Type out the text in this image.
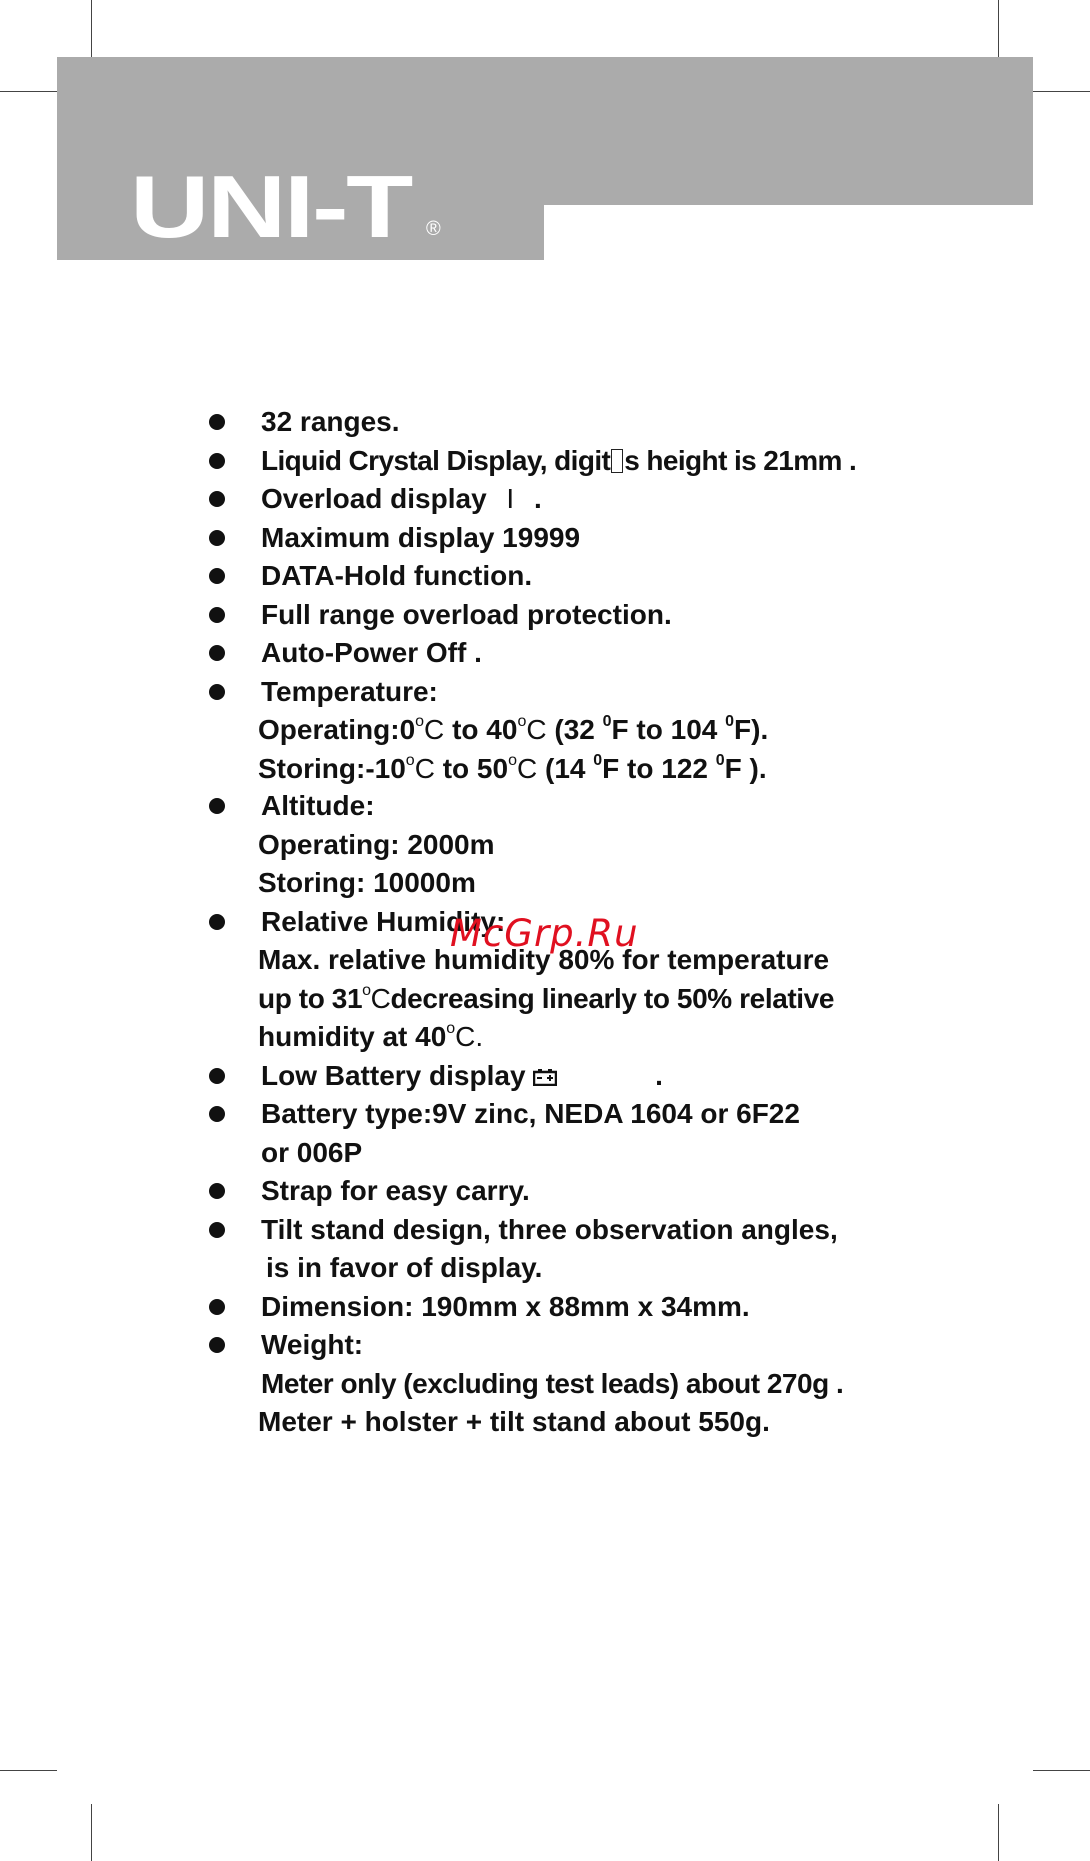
UNI-T ®
32 ranges.
Liquid Crystal Display, digit s height is 21mm .
Overload display I .
Maximum display 19999
DATA-Hold function.
Full range overload protection.
Auto-Power Off .
Temperature:
Operating:0$^o$C to 40$^o$C (32 $^0$F to 104 $^0$F).
Storing:-10$^o$C to 50$^o$C (14 $^0$F to 122 $^0$F ).
Altitude:
Operating: 2000m
Storing: 10000m
Relative Humidity:
Max. relative humidity 80% for temperature
up to 31$^o$Cdecreasing linearly to 50% relative
humidity at 40$^o$C.
Low Battery display	.
Battery type:9V zinc, NEDA 1604 or 6F22
or 006P
Strap for easy carry.
Tilt stand design, three observation angles,
is in favor of display.
Dimension: 190mm x 88mm x 34mm.
Weight:
Meter only (excluding test leads) about 270g .
Meter + holster + tilt stand about 550g.
McGrp.Ru
